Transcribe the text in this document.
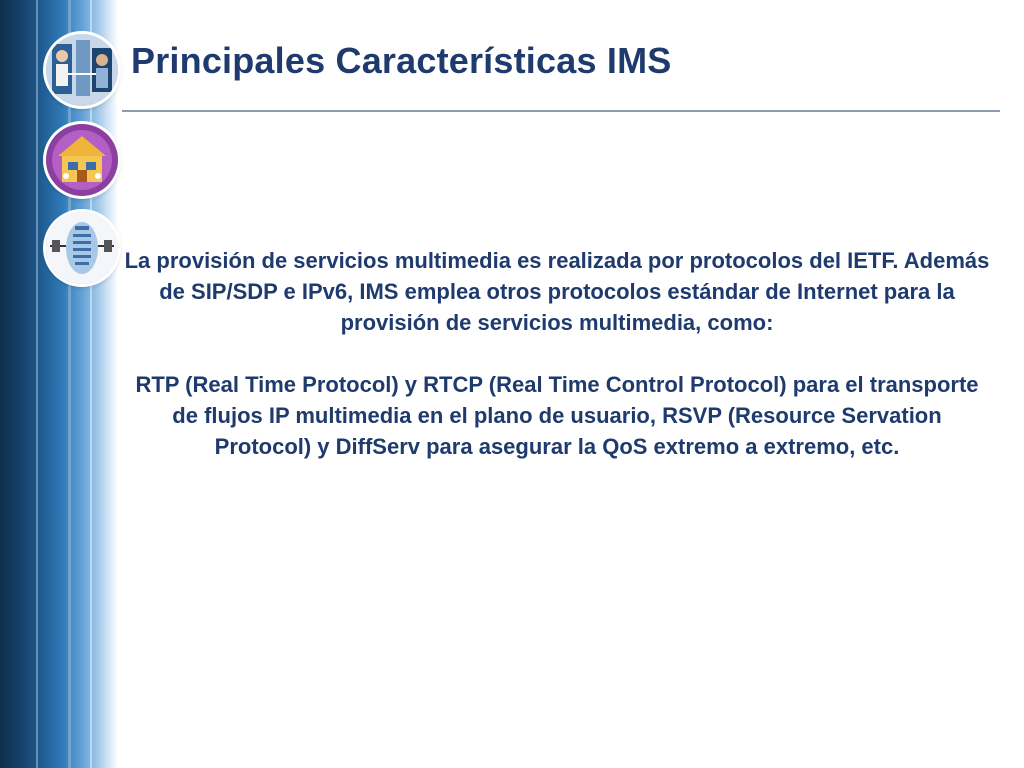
Principales Características IMS

La provisión de servicios multimedia es realizada por protocolos del IETF. Además de SIP/SDP e IPv6, IMS emplea otros protocolos estándar de Internet para la provisión de servicios multimedia, como:

RTP (Real Time Protocol) y RTCP (Real Time Control Protocol) para el transporte de flujos IP multimedia en el plano de usuario, RSVP (Resource Servation Protocol) y DiffServ para asegurar la QoS extremo a extremo, etc.
